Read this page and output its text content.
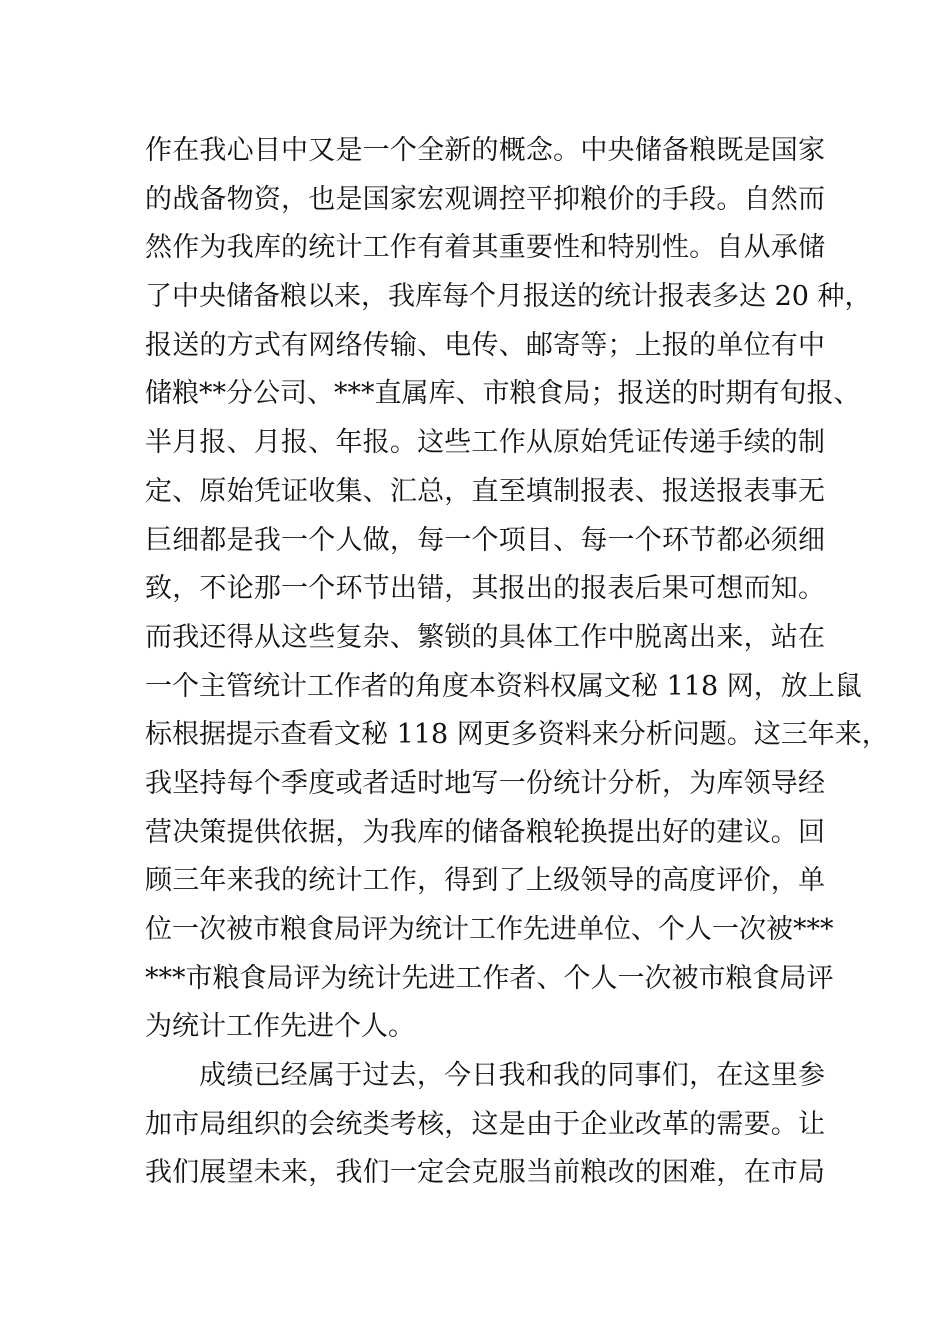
作在我心目中又是一个全新的概念。中央储备粮既是国家
的战备物资，也是国家宏观调控平抑粮价的手段。自然而
然作为我库的统计工作有着其重要性和特别性。自从承储
了中央储备粮以来，我库每个月报送的统计报表多达 20 种，
报送的方式有网络传输、电传、邮寄等；上报的单位有中
储粮**分公司、***直属库、市粮食局；报送的时期有旬报、
半月报、月报、年报。这些工作从原始凭证传递手续的制
定、原始凭证收集、汇总，直至填制报表、报送报表事无
巨细都是我一个人做，每一个项目、每一个环节都必须细
致，不论那一个环节出错，其报出的报表后果可想而知。
而我还得从这些复杂、繁锁的具体工作中脱离出来，站在
一个主管统计工作者的角度本资料权属文秘 118 网，放上鼠
标根据提示查看文秘 118 网更多资料来分析问题。这三年来，
我坚持每个季度或者适时地写一份统计分析，为库领导经
营决策提供依据，为我库的储备粮轮换提出好的建议。回
顾三年来我的统计工作，得到了上级领导的高度评价，单
位一次被市粮食局评为统计工作先进单位、个人一次被***
***市粮食局评为统计先进工作者、个人一次被市粮食局评
为统计工作先进个人。
成绩已经属于过去，今日我和我的同事们，在这里参
加市局组织的会统类考核，这是由于企业改革的需要。让
我们展望未来，我们一定会克服当前粮改的困难，在市局
